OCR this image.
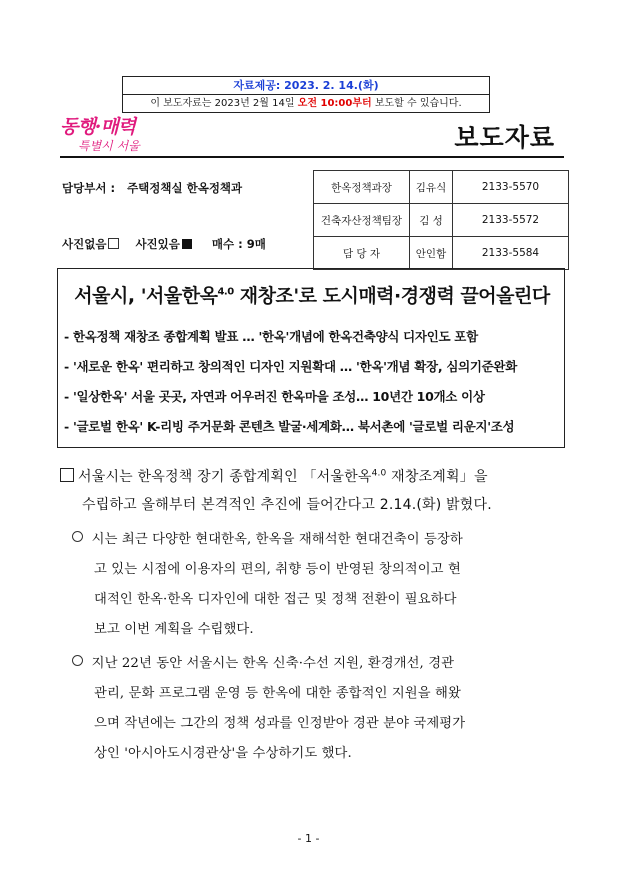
자료제공: 2023. 2. 14.(화)
이 보도자료는 2023년 2월 14일 오전 10:00부터 보도할 수 있습니다.
동행·매력
특별시 서울	보도자료
담당부서 : 주택정책실 한옥정책과
사진없음	사진있음	매수 : 9매
한옥정책과장	김유식	2133-5570
건축자산정책팀장	김 성	2133-5572
담 당 자	안인함	2133-5584
서울시, '서울한옥$^{4.0}$ 재창조'로 도시매력·경쟁력 끌어올린다
- 한옥정책 재창조 종합계획 발표 … '한옥'개념에 한옥건축양식 디자인도 포함
- '새로운 한옥' 편리하고 창의적인 디자인 지원확대 … '한옥'개념 확장, 심의기준완화
- '일상한옥' 서울 곳곳, 자연과 어우러진 한옥마을 조성… 10년간 10개소 이상
- '글로벌 한옥' K-리빙 주거문화 콘텐츠 발굴·세계화… 북서촌에 '글로벌 리운지'조성
서울시는 한옥정책 장기 종합계획인 「서울한옥$^{4.0}$ 재창조계획」을
수립하고 올해부터 본격적인 추진에 들어간다고 2.14.(화) 밝혔다.
시는 최근 다양한 현대한옥, 한옥을 재해석한 현대건축이 등장하
고 있는 시점에 이용자의 편의, 취향 등이 반영된 창의적이고 현
대적인 한옥·한옥 디자인에 대한 접근 및 정책 전환이 필요하다
보고 이번 계획을 수립했다.
지난 22년 동안 서울시는 한옥 신축·수선 지원, 환경개선, 경관
관리, 문화 프로그램 운영 등 한옥에 대한 종합적인 지원을 해왔
으며 작년에는 그간의 정책 성과를 인정받아 경관 분야 국제평가
상인 '아시아도시경관상'을 수상하기도 했다.
- 1 -
